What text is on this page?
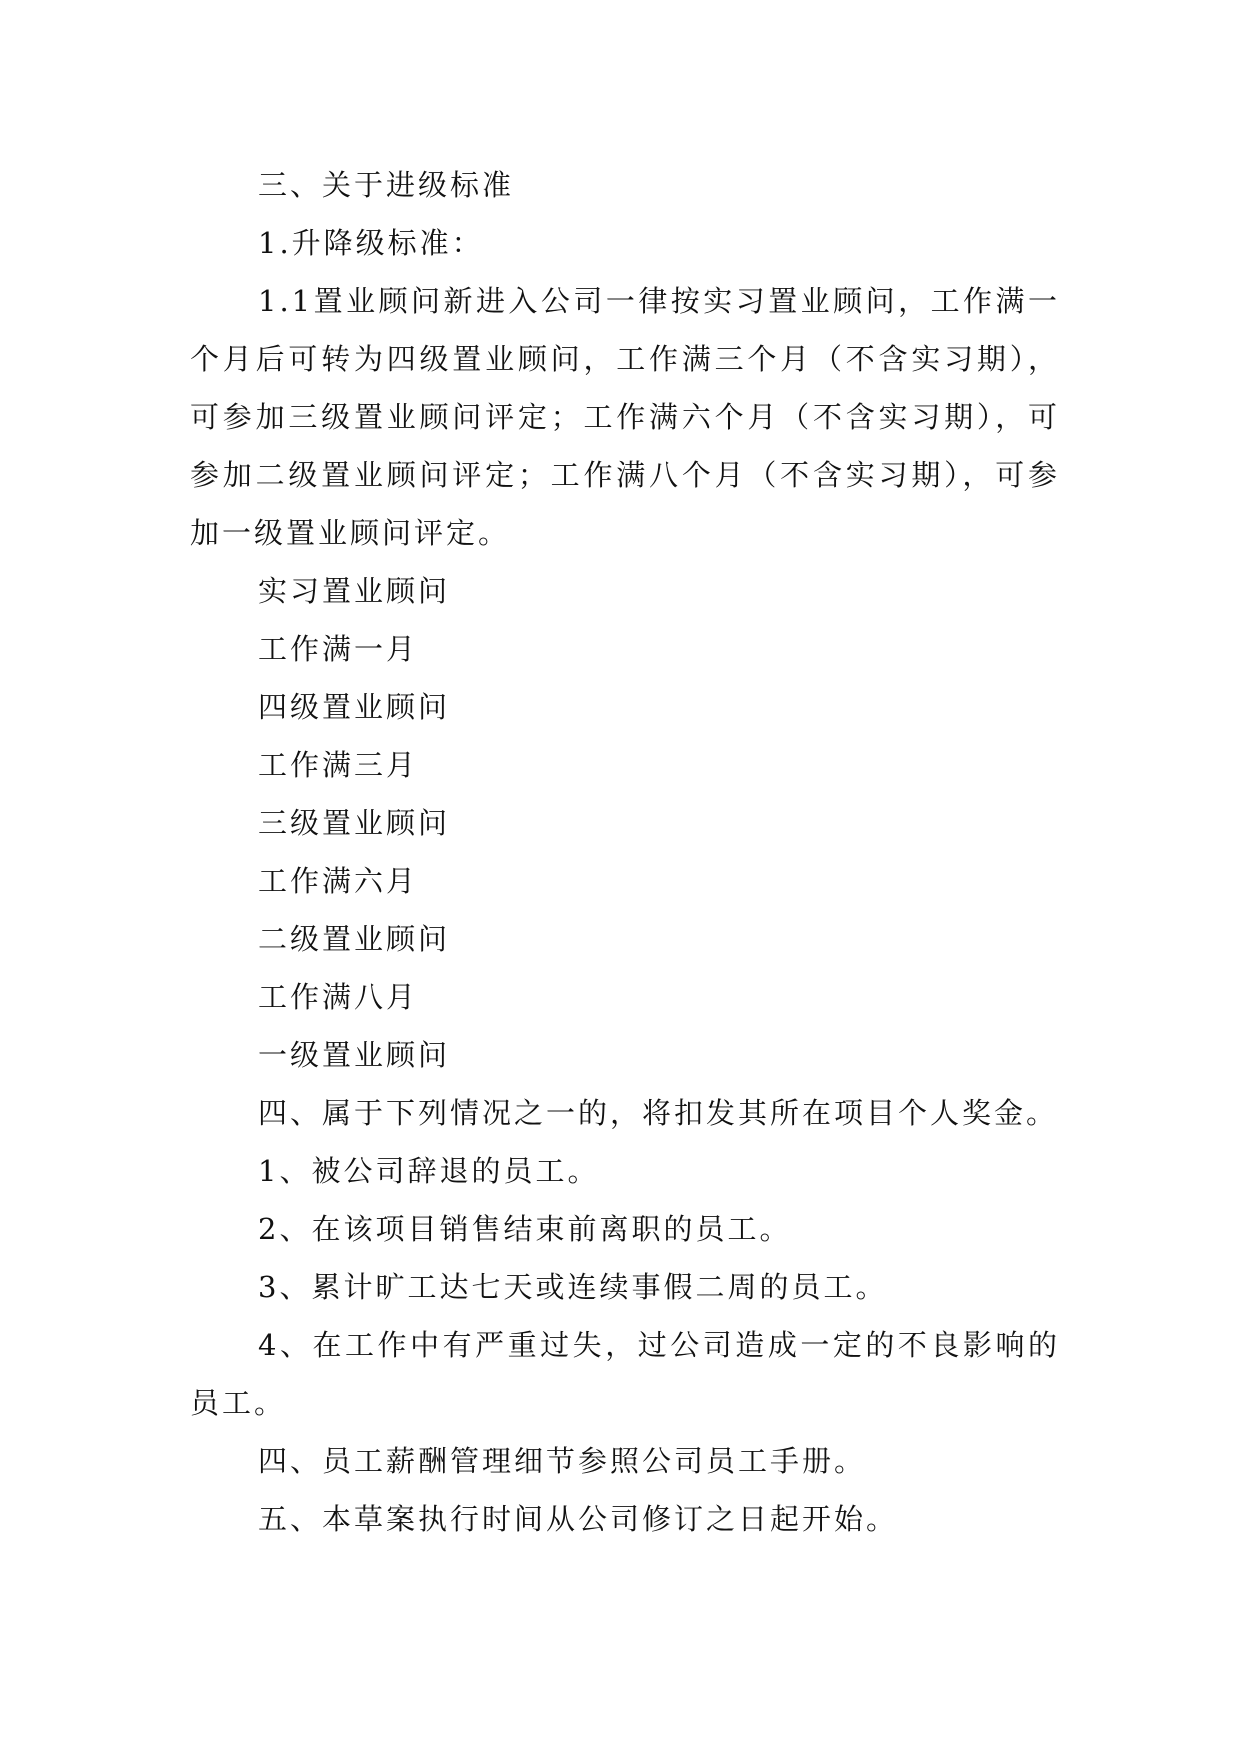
三、关于进级标准

1.升降级标准：

1.1置业顾问新进入公司一律按实习置业顾问，工作满一个月后可转为四级置业顾问，工作满三个月（不含实习期），可参加三级置业顾问评定；工作满六个月（不含实习期），可参加二级置业顾问评定；工作满八个月（不含实习期），可参加一级置业顾问评定。

实习置业顾问

工作满一月

四级置业顾问

工作满三月

三级置业顾问

工作满六月

二级置业顾问

工作满八月

一级置业顾问

四、属于下列情况之一的，将扣发其所在项目个人奖金。

1、被公司辞退的员工。

2、在该项目销售结束前离职的员工。

3、累计旷工达七天或连续事假二周的员工。

4、在工作中有严重过失，过公司造成一定的不良影响的员工。

四、员工薪酬管理细节参照公司员工手册。

五、本草案执行时间从公司修订之日起开始。
